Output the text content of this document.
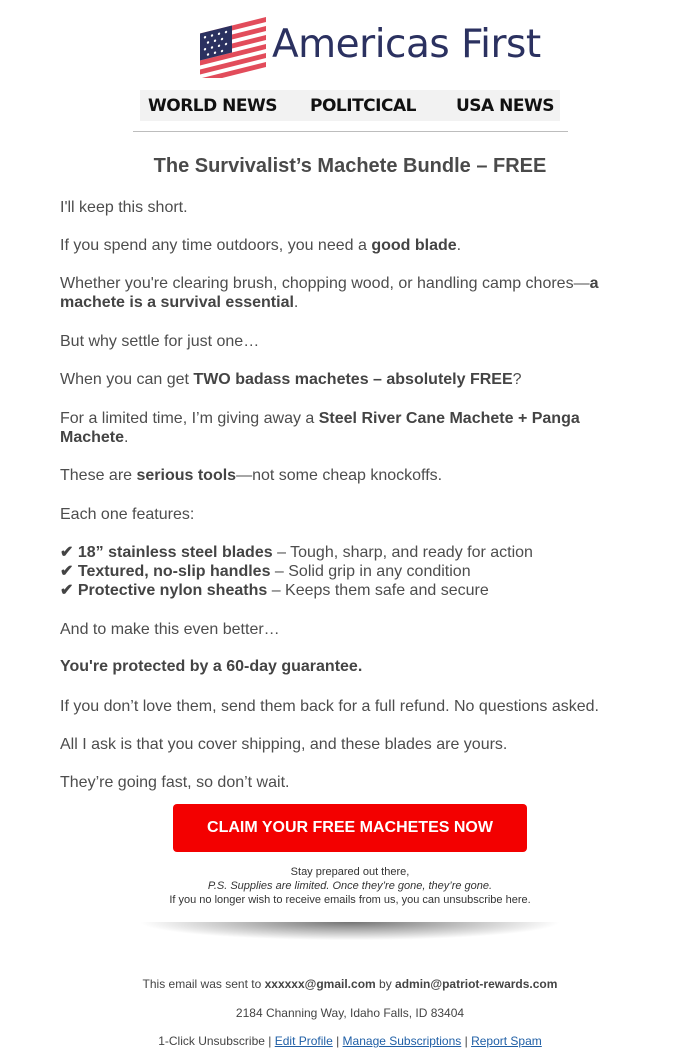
Americas First
WORLD NEWS POLITCICAL USA NEWS
The Survivalist’s Machete Bundle – FREE
I'll keep this short.
If you spend any time outdoors, you need a good blade.
Whether you're clearing brush, chopping wood, or handling camp chores—a machete is a survival essential.
But why settle for just one…
When you can get TWO badass machetes – absolutely FREE?
For a limited time, I’m giving away a Steel River Cane Machete + Panga Machete.
These are serious tools—not some cheap knockoffs.
Each one features:
✔ 18” stainless steel blades – Tough, sharp, and ready for action
✔ Textured, no-slip handles – Solid grip in any condition
✔ Protective nylon sheaths – Keeps them safe and secure
And to make this even better…
You're protected by a 60-day guarantee.
If you don’t love them, send them back for a full refund. No questions asked.
All I ask is that you cover shipping, and these blades are yours.
They’re going fast, so don’t wait.
CLAIM YOUR FREE MACHETES NOW
Stay prepared out there,
P.S. Supplies are limited. Once they’re gone, they’re gone.
If you no longer wish to receive emails from us, you can unsubscribe here.
This email was sent to xxxxxx@gmail.com by admin@patriot-rewards.com
2184 Channing Way, Idaho Falls, ID 83404
1-Click Unsubscribe | Edit Profile | Manage Subscriptions | Report Spam
